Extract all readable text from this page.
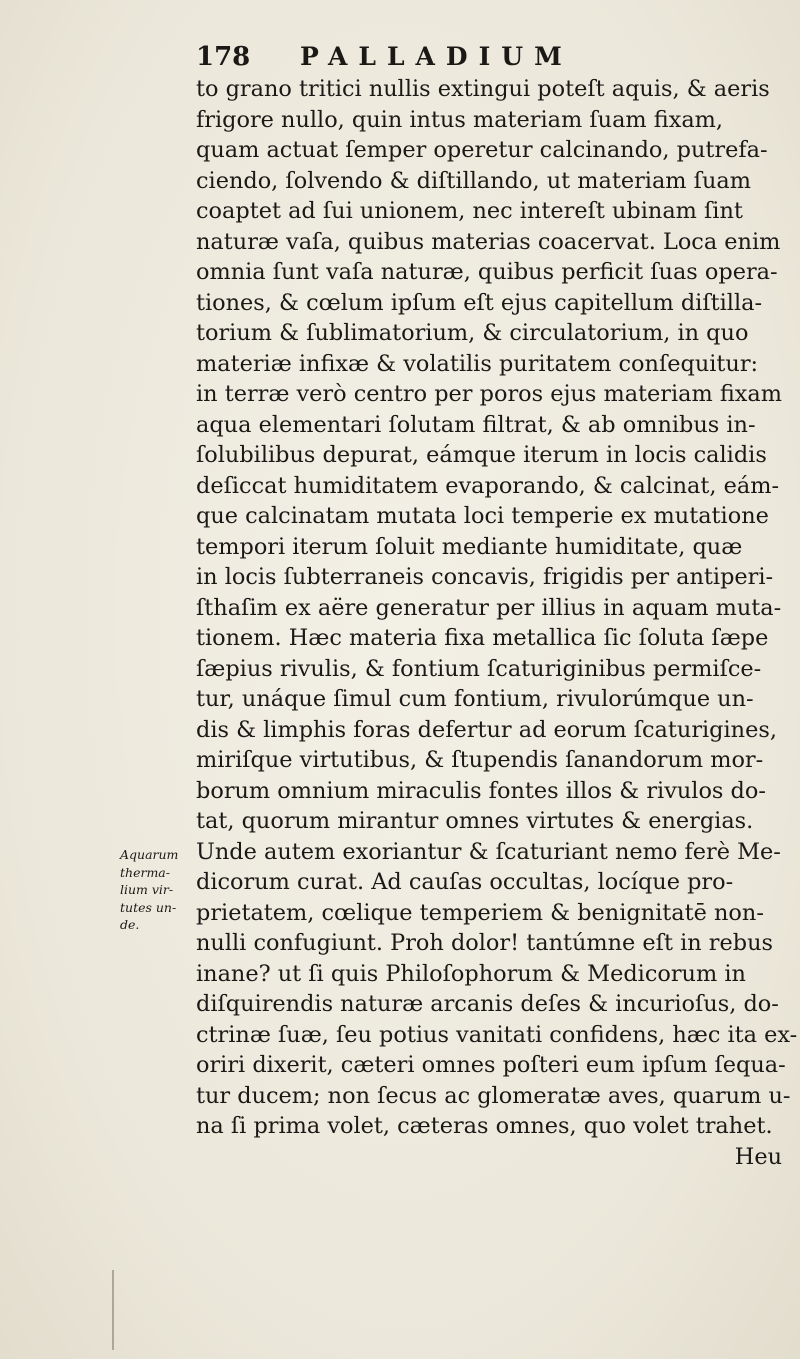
178 PALLADIUM
to grano tritici nullis extingui poteſt aquis, & aeris
frigore nullo, quin intus materiam ſuam fixam,
quam actuat ſemper operetur calcinando, putrefa-
ciendo, ſolvendo & diſtillando, ut materiam ſuam
coaptet ad ſui unionem, nec intereſt ubinam ſint
naturæ vaſa, quibus materias coacervat. Loca enim
omnia ſunt vaſa naturæ, quibus perficit ſuas opera-
tiones, & cœlum ipſum eſt ejus capitellum diſtilla-
torium & ſublimatorium, & circulatorium, in quo
materiæ infixæ & volatilis puritatem conſequitur:
in terræ verò centro per poros ejus materiam fixam
aqua elementari ſolutam filtrat, & ab omnibus in-
ſolubilibus depurat, eámque iterum in locis calidis
deſiccat humiditatem evaporando, & calcinat, eám-
que calcinatam mutata loci temperie ex mutatione
tempori iterum ſoluit mediante humiditate, quæ
in locis ſubterraneis concavis, frigidis per antiperi-
ſthaſim ex aëre generatur per illius in aquam muta-
tionem. Hæc materia fixa metallica ſic ſoluta ſæpe
ſæpius rivulis, & fontium ſcaturiginibus permiſce-
tur, unáque ſimul cum fontium, rivulorúmque un-
dis & limphis foras defertur ad eorum ſcaturigines,
miriſque virtutibus, & ſtupendis ſanandorum mor-
borum omnium miraculis fontes illos & rivulos do-
tat, quorum mirantur omnes virtutes & energias.
Unde autem exoriantur & ſcaturiant nemo ferè Me-
dicorum curat. Ad cauſas occultas, locíque pro-
prietatem, cœlique temperiem & benignitatē non-
nulli confugiunt. Proh dolor! tantúmne eſt in rebus
inane? ut ſi quis Philoſophorum & Medicorum in
diſquirendis naturæ arcanis deſes & incurioſus, do-
ctrinæ ſuæ, ſeu potius vanitati confidens, hæc ita ex-
oriri dixerit, cæteri omnes poſteri eum ipſum ſequa-
tur ducem; non ſecus ac glomeratæ aves, quarum u-
na ſi prima volet, cæteras omnes, quo volet trahet.
Heu
Aquarum
therma-
lium vir-
tutes un-
de.
